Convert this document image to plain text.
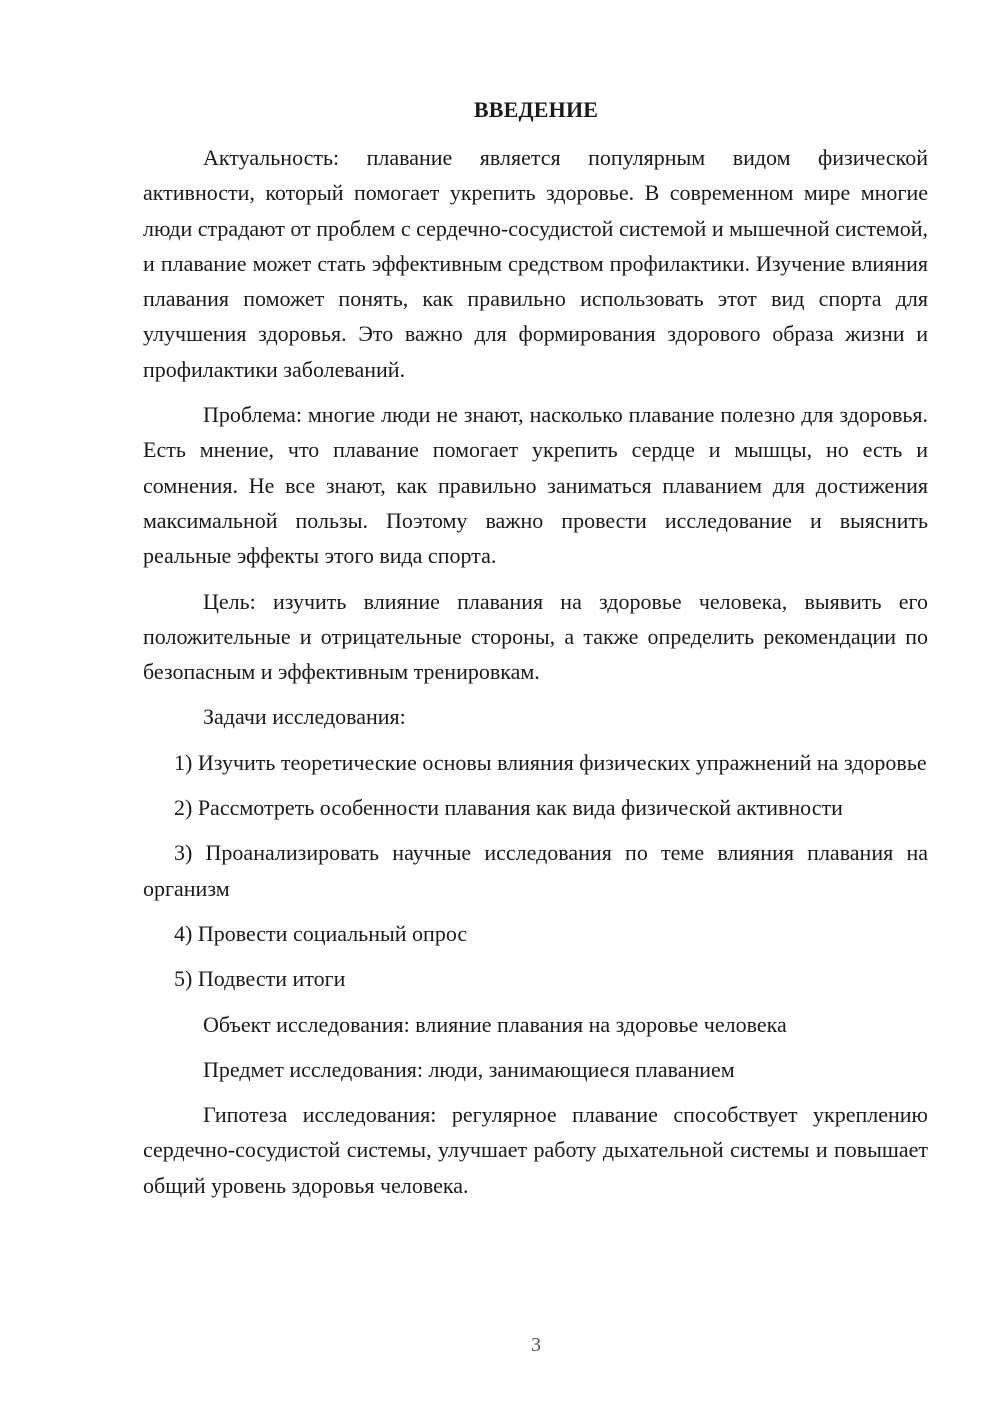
ВВЕДЕНИЕ

Актуальность: плавание является популярным видом физической активности, который помогает укрепить здоровье. В современном мире многие люди страдают от проблем с сердечно-сосудистой системой и мышечной системой, и плавание может стать эффективным средством профилактики. Изучение влияния плавания поможет понять, как правильно использовать этот вид спорта для улучшения здоровья. Это важно для формирования здорового образа жизни и профилактики заболеваний.

Проблема: многие люди не знают, насколько плавание полезно для здоровья. Есть мнение, что плавание помогает укрепить сердце и мышцы, но есть и сомнения. Не все знают, как правильно заниматься плаванием для достижения максимальной пользы. Поэтому важно провести исследование и выяснить реальные эффекты этого вида спорта.

Цель: изучить влияние плавания на здоровье человека, выявить его положительные и отрицательные стороны, а также определить рекомендации по безопасным и эффективным тренировкам.

Задачи исследования:

1) Изучить теоретические основы влияния физических упражнений на здоровье

2) Рассмотреть особенности плавания как вида физической активности

3) Проанализировать научные исследования по теме влияния плавания на организм

4) Провести социальный опрос

5) Подвести итоги

Объект исследования: влияние плавания на здоровье человека

Предмет исследования: люди, занимающиеся плаванием

Гипотеза исследования: регулярное плавание способствует укреплению сердечно-сосудистой системы, улучшает работу дыхательной системы и повышает общий уровень здоровья человека.

3
